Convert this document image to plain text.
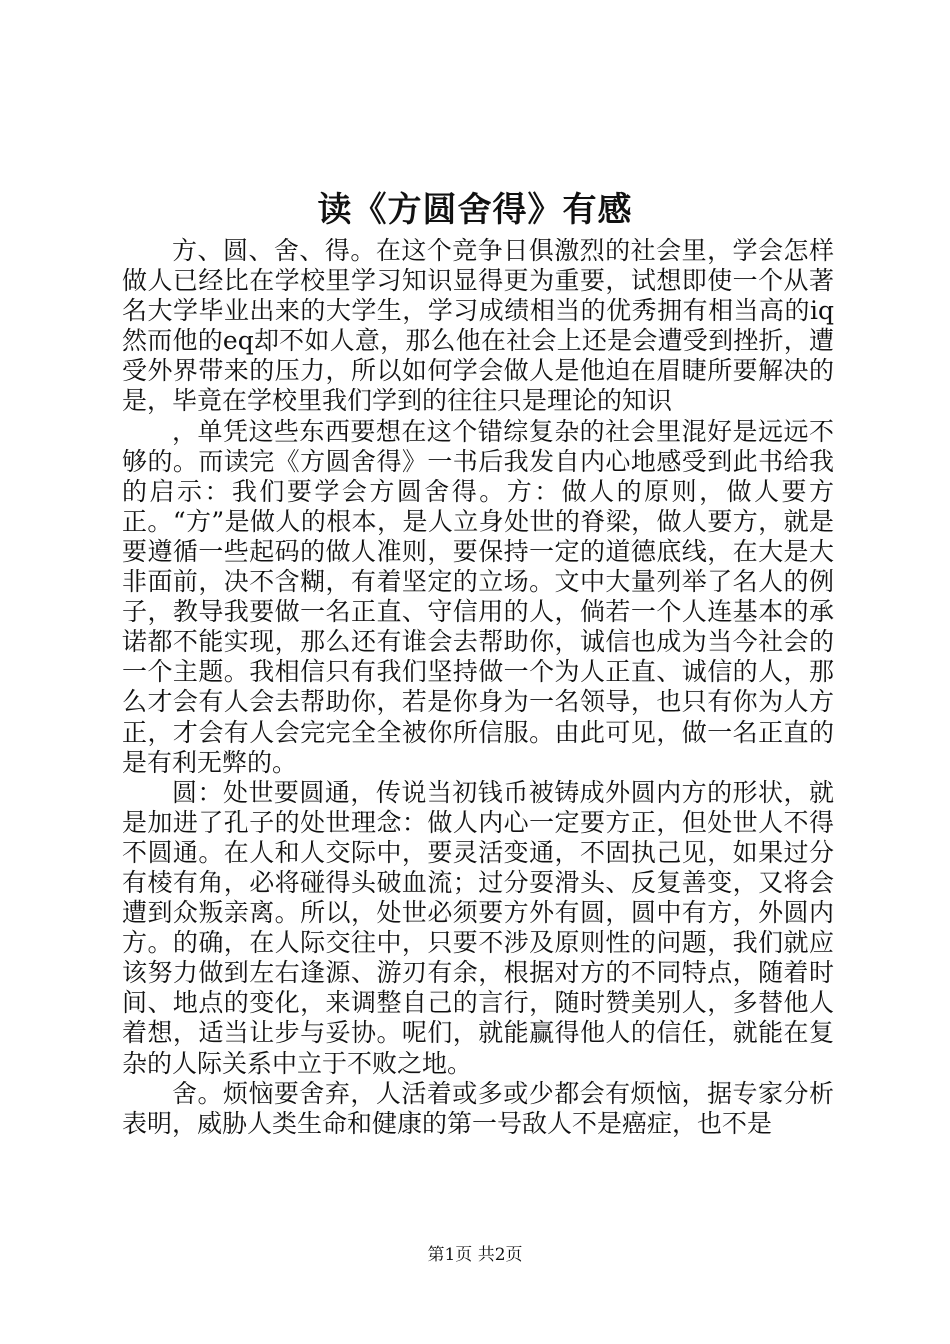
读《方圆舍得》有感

方、圆、舍、得。在这个竞争日俱激烈的社会里，学会怎样做人已经比在学校里学习知识显得更为重要，试想即使一个从著名大学毕业出来的大学生，学习成绩相当的优秀拥有相当高的iq然而他的eq却不如人意，那么他在社会上还是会遭受到挫折，遭受外界带来的压力，所以如何学会做人是他迫在眉睫所要解决的是，毕竟在学校里我们学到的往往只是理论的知识

，单凭这些东西要想在这个错综复杂的社会里混好是远远不够的。而读完《方圆舍得》一书后我发自内心地感受到此书给我的启示：我们要学会方圆舍得。方：做人的原则，做人要方正。“方”是做人的根本，是人立身处世的脊梁，做人要方，就是要遵循一些起码的做人准则，要保持一定的道德底线，在大是大非面前，决不含糊，有着坚定的立场。文中大量列举了名人的例子，教导我要做一名正直、守信用的人，倘若一个人连基本的承诺都不能实现，那么还有谁会去帮助你，诚信也成为当今社会的一个主题。我相信只有我们坚持做一个为人正直、诚信的人，那么才会有人会去帮助你，若是你身为一名领导，也只有你为人方正，才会有人会完完全全被你所信服。由此可见，做一名正直的是有利无弊的。

圆：处世要圆通，传说当初钱币被铸成外圆内方的形状，就是加进了孔子的处世理念：做人内心一定要方正，但处世人不得不圆通。在人和人交际中，要灵活变通，不固执己见，如果过分有棱有角，必将碰得头破血流；过分耍滑头、反复善变，又将会遭到众叛亲离。所以，处世必须要方外有圆，圆中有方，外圆内方。的确，在人际交往中，只要不涉及原则性的问题，我们就应该努力做到左右逢源、游刃有余，根据对方的不同特点，随着时间、地点的变化，来调整自己的言行，随时赞美别人，多替他人着想，适当让步与妥协。呢们，就能赢得他人的信任，就能在复杂的人际关系中立于不败之地。

舍。烦恼要舍弃，人活着或多或少都会有烦恼，据专家分析表明，威胁人类生命和健康的第一号敌人不是癌症，也不是

第1页 共2页
